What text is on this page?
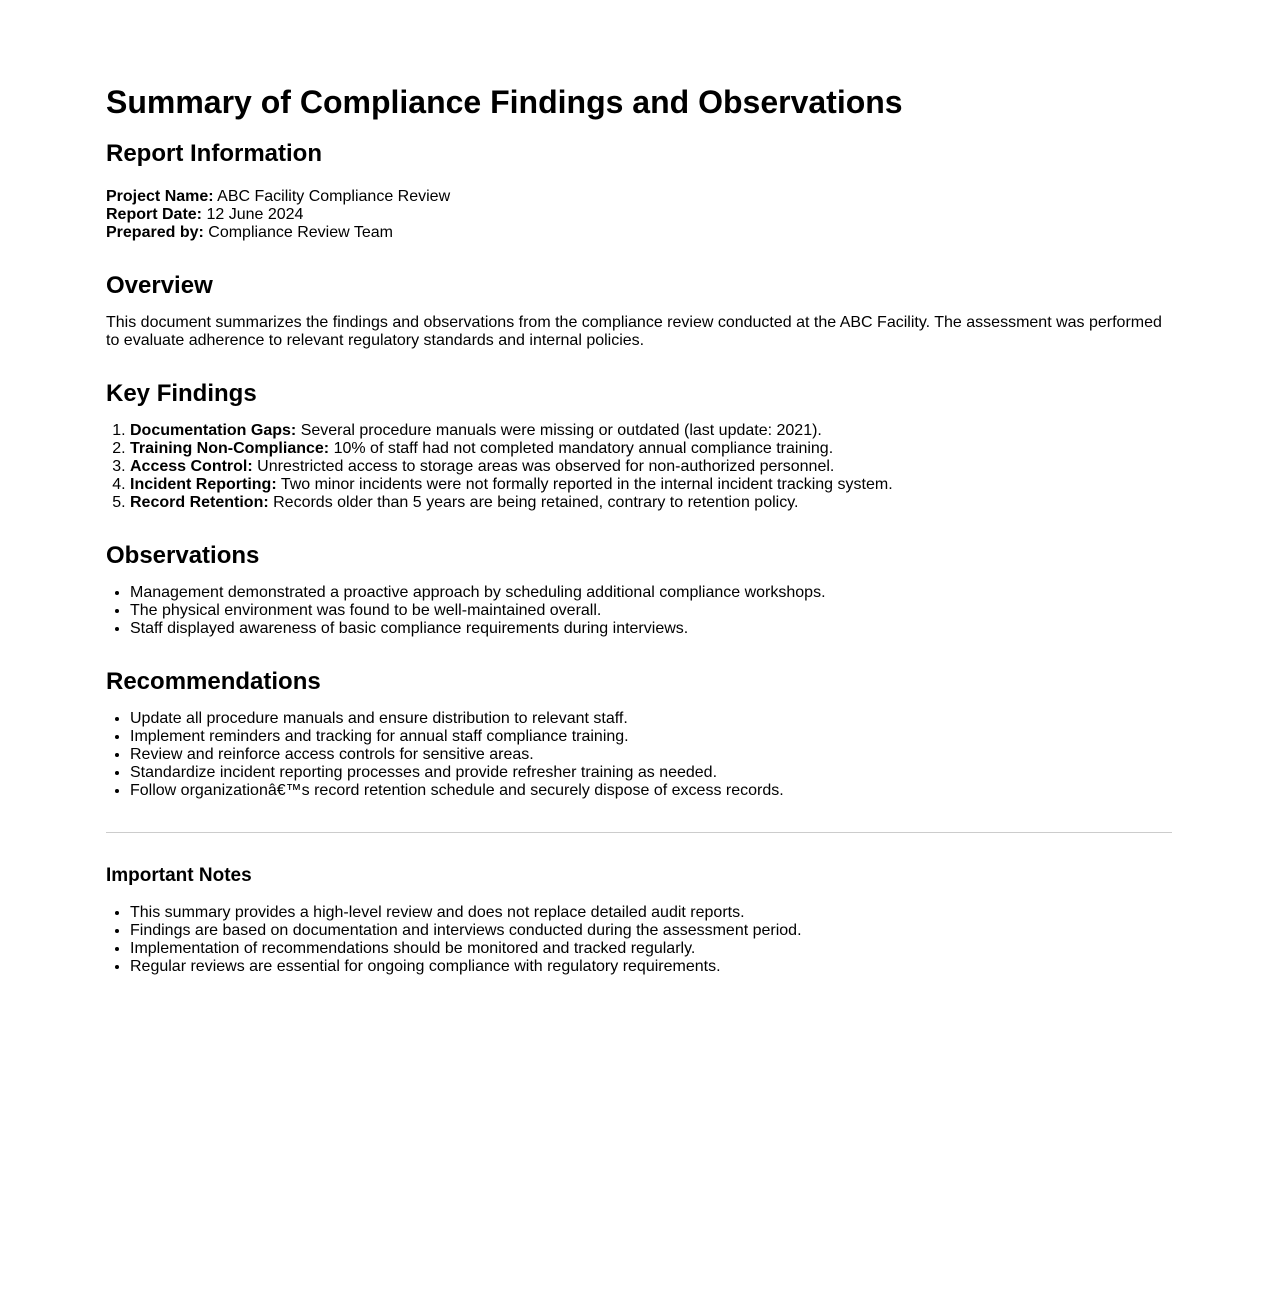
Summary of Compliance Findings and Observations
Report Information
Project Name: ABC Facility Compliance Review
Report Date: 12 June 2024
Prepared by: Compliance Review Team
Overview

This document summarizes the findings and observations from the compliance review conducted at the ABC Facility. The assessment was performed to evaluate adherence to relevant regulatory standards and internal policies.

Key Findings
1. Documentation Gaps: Several procedure manuals were missing or outdated (last update: 2021).
2. Training Non-Compliance: 10% of staff had not completed mandatory annual compliance training.
3. Access Control: Unrestricted access to storage areas was observed for non-authorized personnel.
4. Incident Reporting: Two minor incidents were not formally reported in the internal incident tracking system.
5. Record Retention: Records older than 5 years are being retained, contrary to retention policy.
Observations
• Management demonstrated a proactive approach by scheduling additional compliance workshops.
• The physical environment was found to be well-maintained overall.
• Staff displayed awareness of basic compliance requirements during interviews.
Recommendations
• Update all procedure manuals and ensure distribution to relevant staff.
• Implement reminders and tracking for annual staff compliance training.
• Review and reinforce access controls for sensitive areas.
• Standardize incident reporting processes and provide refresher training as needed.
• Follow organizationâ€™s record retention schedule and securely dispose of excess records.
Important Notes
• This summary provides a high-level review and does not replace detailed audit reports.
• Findings are based on documentation and interviews conducted during the assessment period.
• Implementation of recommendations should be monitored and tracked regularly.
• Regular reviews are essential for ongoing compliance with regulatory requirements.
